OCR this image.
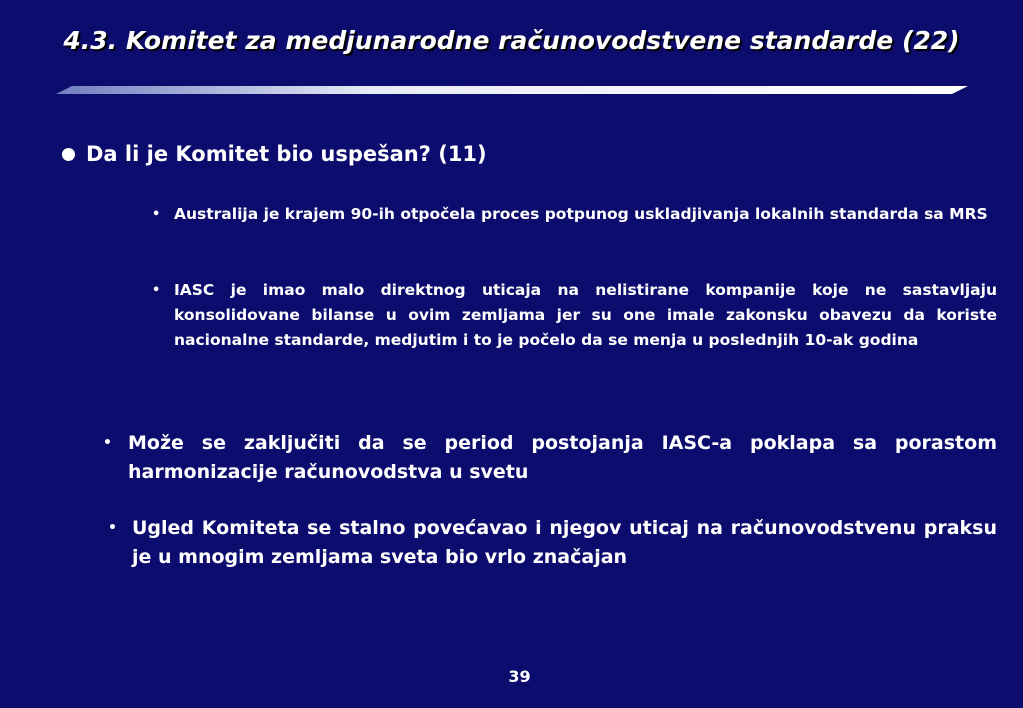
4.3. Komitet za medjunarodne računovodstvene standarde (22)
Da li je Komitet bio uspešan? (11)
• Australija je krajem 90-ih otpočela proces potpunog uskladjivanja lokalnih standarda sa MRS
• IASC je imao malo direktnog uticaja na nelistirane kompanije koje ne sastavljaju konsolidovane bilanse u ovim zemljama jer su one imale zakonsku obavezu da koriste nacionalne standarde, medjutim i to je počelo da se menja u poslednjih 10-ak godina
• Može se zaključiti da se period postojanja IASC-a poklapa sa porastom harmonizacije računovodstva u svetu
• Ugled Komiteta se stalno povećavao i njegov uticaj na računovodstvenu praksu je u mnogim zemljama sveta bio vrlo značajan
39
